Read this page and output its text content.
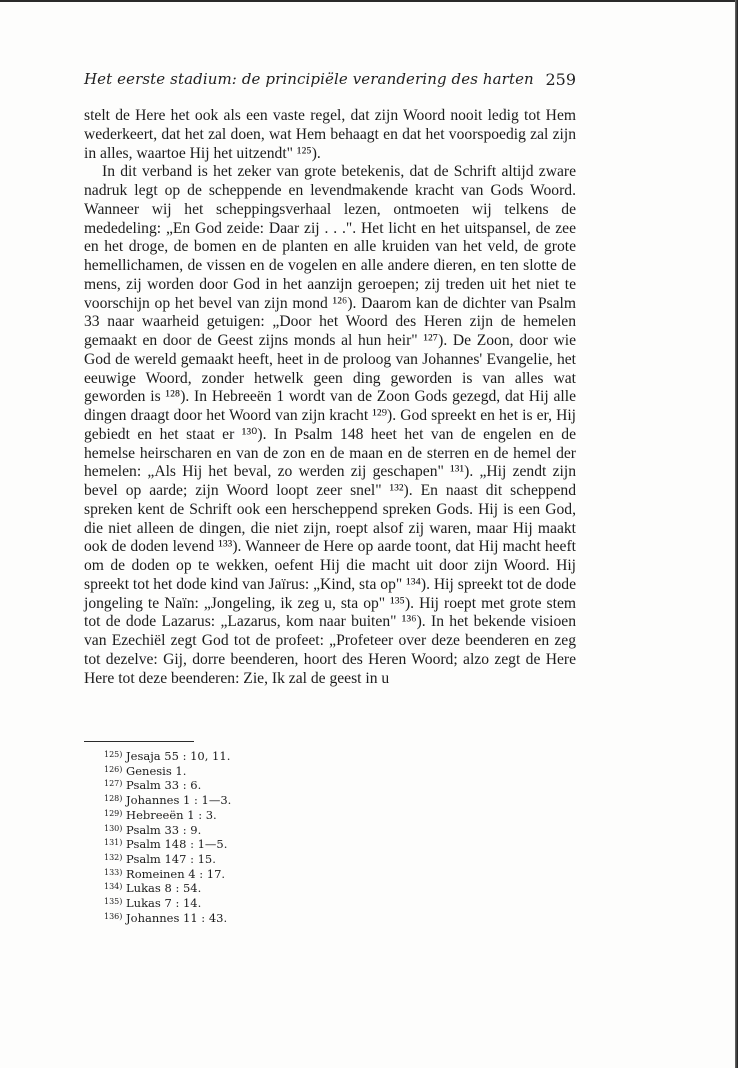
Het eerste stadium: de principiële verandering des harten 259

stelt de Here het ook als een vaste regel, dat zijn Woord nooit ledig tot Hem wederkeert, dat het zal doen, wat Hem behaagt en dat het voorspoedig zal zijn in alles, waartoe Hij het uitzendt" ¹²⁵).

In dit verband is het zeker van grote betekenis, dat de Schrift altijd zware nadruk legt op de scheppende en levendmakende kracht van Gods Woord. Wanneer wij het scheppingsverhaal lezen, ontmoeten wij telkens de mededeling: „En God zeide: Daar zij . . .". Het licht en het uitspansel, de zee en het droge, de bomen en de planten en alle kruiden van het veld, de grote hemellichamen, de vissen en de vogelen en alle andere dieren, en ten slotte de mens, zij worden door God in het aanzijn geroepen; zij treden uit het niet te voorschijn op het bevel van zijn mond ¹²⁶). Daarom kan de dichter van Psalm 33 naar waarheid getuigen: „Door het Woord des Heren zijn de hemelen gemaakt en door de Geest zijns monds al hun heir" ¹²⁷). De Zoon, door wie God de wereld gemaakt heeft, heet in de proloog van Johannes' Evangelie, het eeuwige Woord, zonder hetwelk geen ding geworden is van alles wat geworden is ¹²⁸). In Hebreeën 1 wordt van de Zoon Gods gezegd, dat Hij alle dingen draagt door het Woord van zijn kracht ¹²⁹). God spreekt en het is er, Hij gebiedt en het staat er ¹³⁰). In Psalm 148 heet het van de engelen en de hemelse heirscharen en van de zon en de maan en de sterren en de hemel der hemelen: „Als Hij het beval, zo werden zij geschapen" ¹³¹). „Hij zendt zijn bevel op aarde; zijn Woord loopt zeer snel" ¹³²). En naast dit scheppend spreken kent de Schrift ook een herscheppend spreken Gods. Hij is een God, die niet alleen de dingen, die niet zijn, roept alsof zij waren, maar Hij maakt ook de doden levend ¹³³). Wanneer de Here op aarde toont, dat Hij macht heeft om de doden op te wekken, oefent Hij die macht uit door zijn Woord. Hij spreekt tot het dode kind van Jaïrus: „Kind, sta op" ¹³⁴). Hij spreekt tot de dode jongeling te Naïn: „Jongeling, ik zeg u, sta op" ¹³⁵). Hij roept met grote stem tot de dode Lazarus: „Lazarus, kom naar buiten" ¹³⁶). In het bekende visioen van Ezechiël zegt God tot de profeet: „Profeteer over deze beenderen en zeg tot dezelve: Gij, dorre beenderen, hoort des Heren Woord; alzo zegt de Here Here tot deze beenderen: Zie, Ik zal de geest in u

125) Jesaja 55 : 10, 11.
126) Genesis 1.
127) Psalm 33 : 6.
128) Johannes 1 : 1—3.
129) Hebreeën 1 : 3.
130) Psalm 33 : 9.
131) Psalm 148 : 1—5.
132) Psalm 147 : 15.
133) Romeinen 4 : 17.
134) Lukas 8 : 54.
135) Lukas 7 : 14.
136) Johannes 11 : 43.
